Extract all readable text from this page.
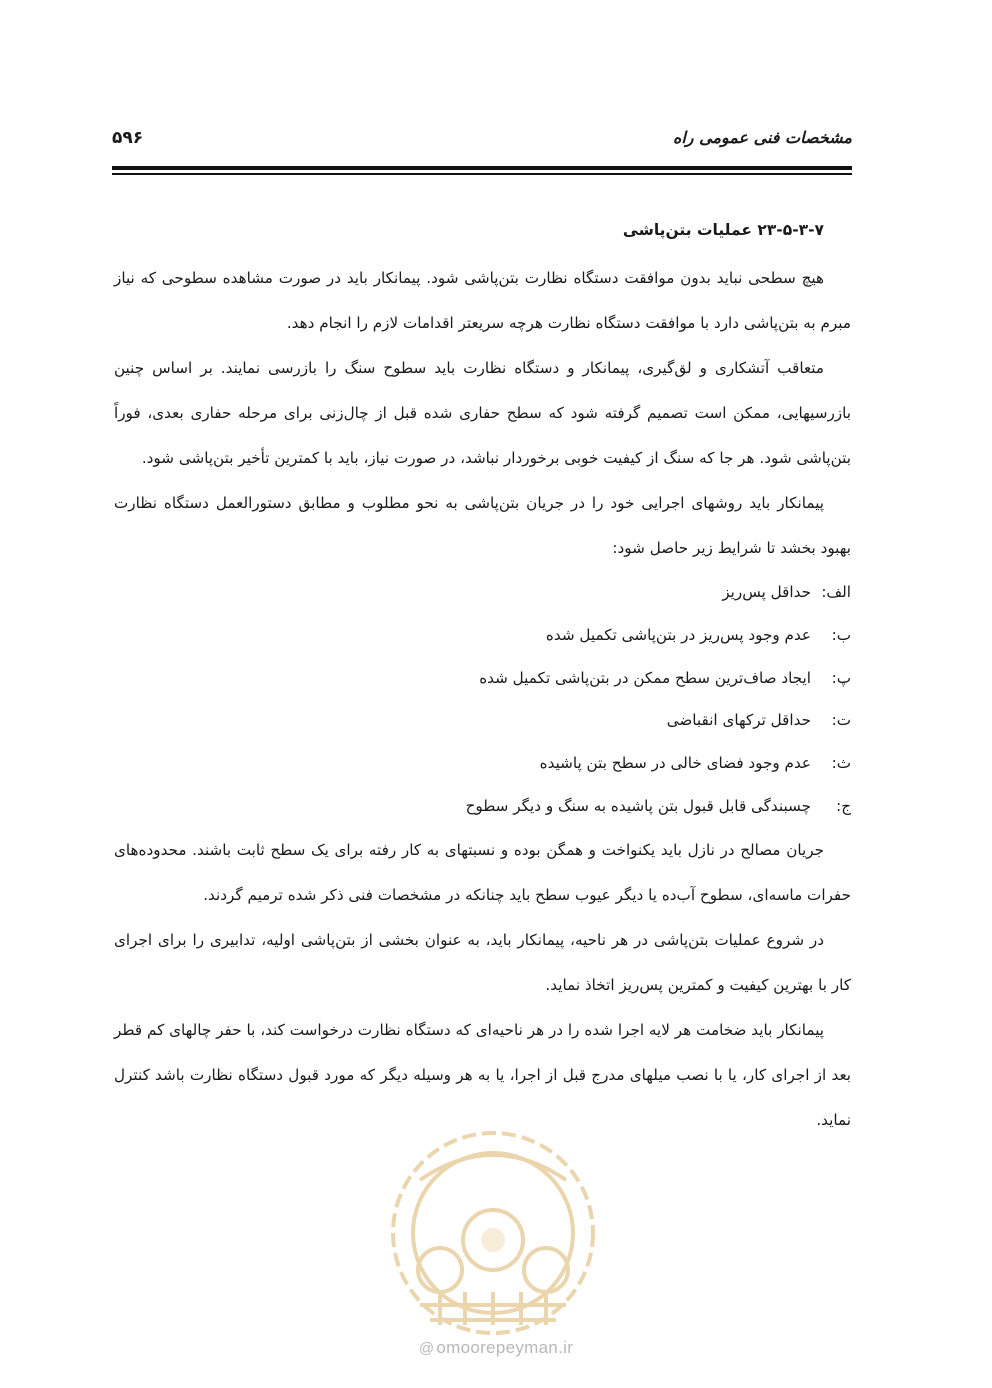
مشخصات فنی عمومی راه
۵۹۶
۲۳-۵-۳-۷ عملیات بتن‌پاشی

هیچ سطحی نباید بدون موافقت دستگاه نظارت بتن‌پاشی شود. پیمانکار باید در صورت مشاهده سطوحی که نیاز مبرم به بتن‌پاشی دارد با موافقت دستگاه نظارت هرچه سریعتر اقدامات لازم را انجام دهد.

متعاقب آتشکاری و لق‌گیری، پیمانکار و دستگاه نظارت باید سطوح سنگ را بازرسی نمایند. بر اساس چنین بازرسیهایی، ممکن است تصمیم گرفته شود که سطح حفاری شده قبل از چال‌زنی برای مرحله حفاری بعدی، فوراً بتن‌پاشی شود. هر جا که سنگ از کیفیت خوبی برخوردار نباشد، در صورت نیاز، باید با کمترین تأخیر بتن‌پاشی شود.

پیمانکار باید روشهای اجرایی خود را در جریان بتن‌پاشی به نحو مطلوب و مطابق دستورالعمل دستگاه نظارت بهبود بخشد تا شرایط زیر حاصل شود:

الف:
حداقل پس‌ریز
ب:
عدم وجود پس‌ریز در بتن‌پاشی تکمیل شده
پ:
ایجاد صاف‌ترین سطح ممکن در بتن‌پاشی تکمیل شده
ت:
حداقل ترکهای انقباضی
ث:
عدم وجود فضای خالی در سطح بتن پاشیده
ج:
چسبندگی قابل قبول بتن پاشیده به سنگ و دیگر سطوح

جریان مصالح در نازل باید یکنواخت و همگن بوده و نسبتهای به کار رفته برای یک سطح ثابت باشند. محدوده‌های حفرات ماسه‌ای، سطوح آب‌ده یا دیگر عیوب سطح باید چنانکه در مشخصات فنی ذکر شده ترمیم گردند.

در شروع عملیات بتن‌پاشی در هر ناحیه، پیمانکار باید، به عنوان بخشی از بتن‌پاشی اولیه، تدابیری را برای اجرای کار با بهترین کیفیت و کمترین پس‌ریز اتخاذ نماید.

پیمانکار باید ضخامت هر لایه اجرا شده را در هر ناحیه‌ای که دستگاه نظارت درخواست کند، با حفر چالهای کم قطر بعد از اجرای کار، یا با نصب میلهای مدرج قبل از اجرا، یا به هر وسیله دیگر که مورد قبول دستگاه نظارت باشد کنترل نماید.

@ omoorepeyman.ir
